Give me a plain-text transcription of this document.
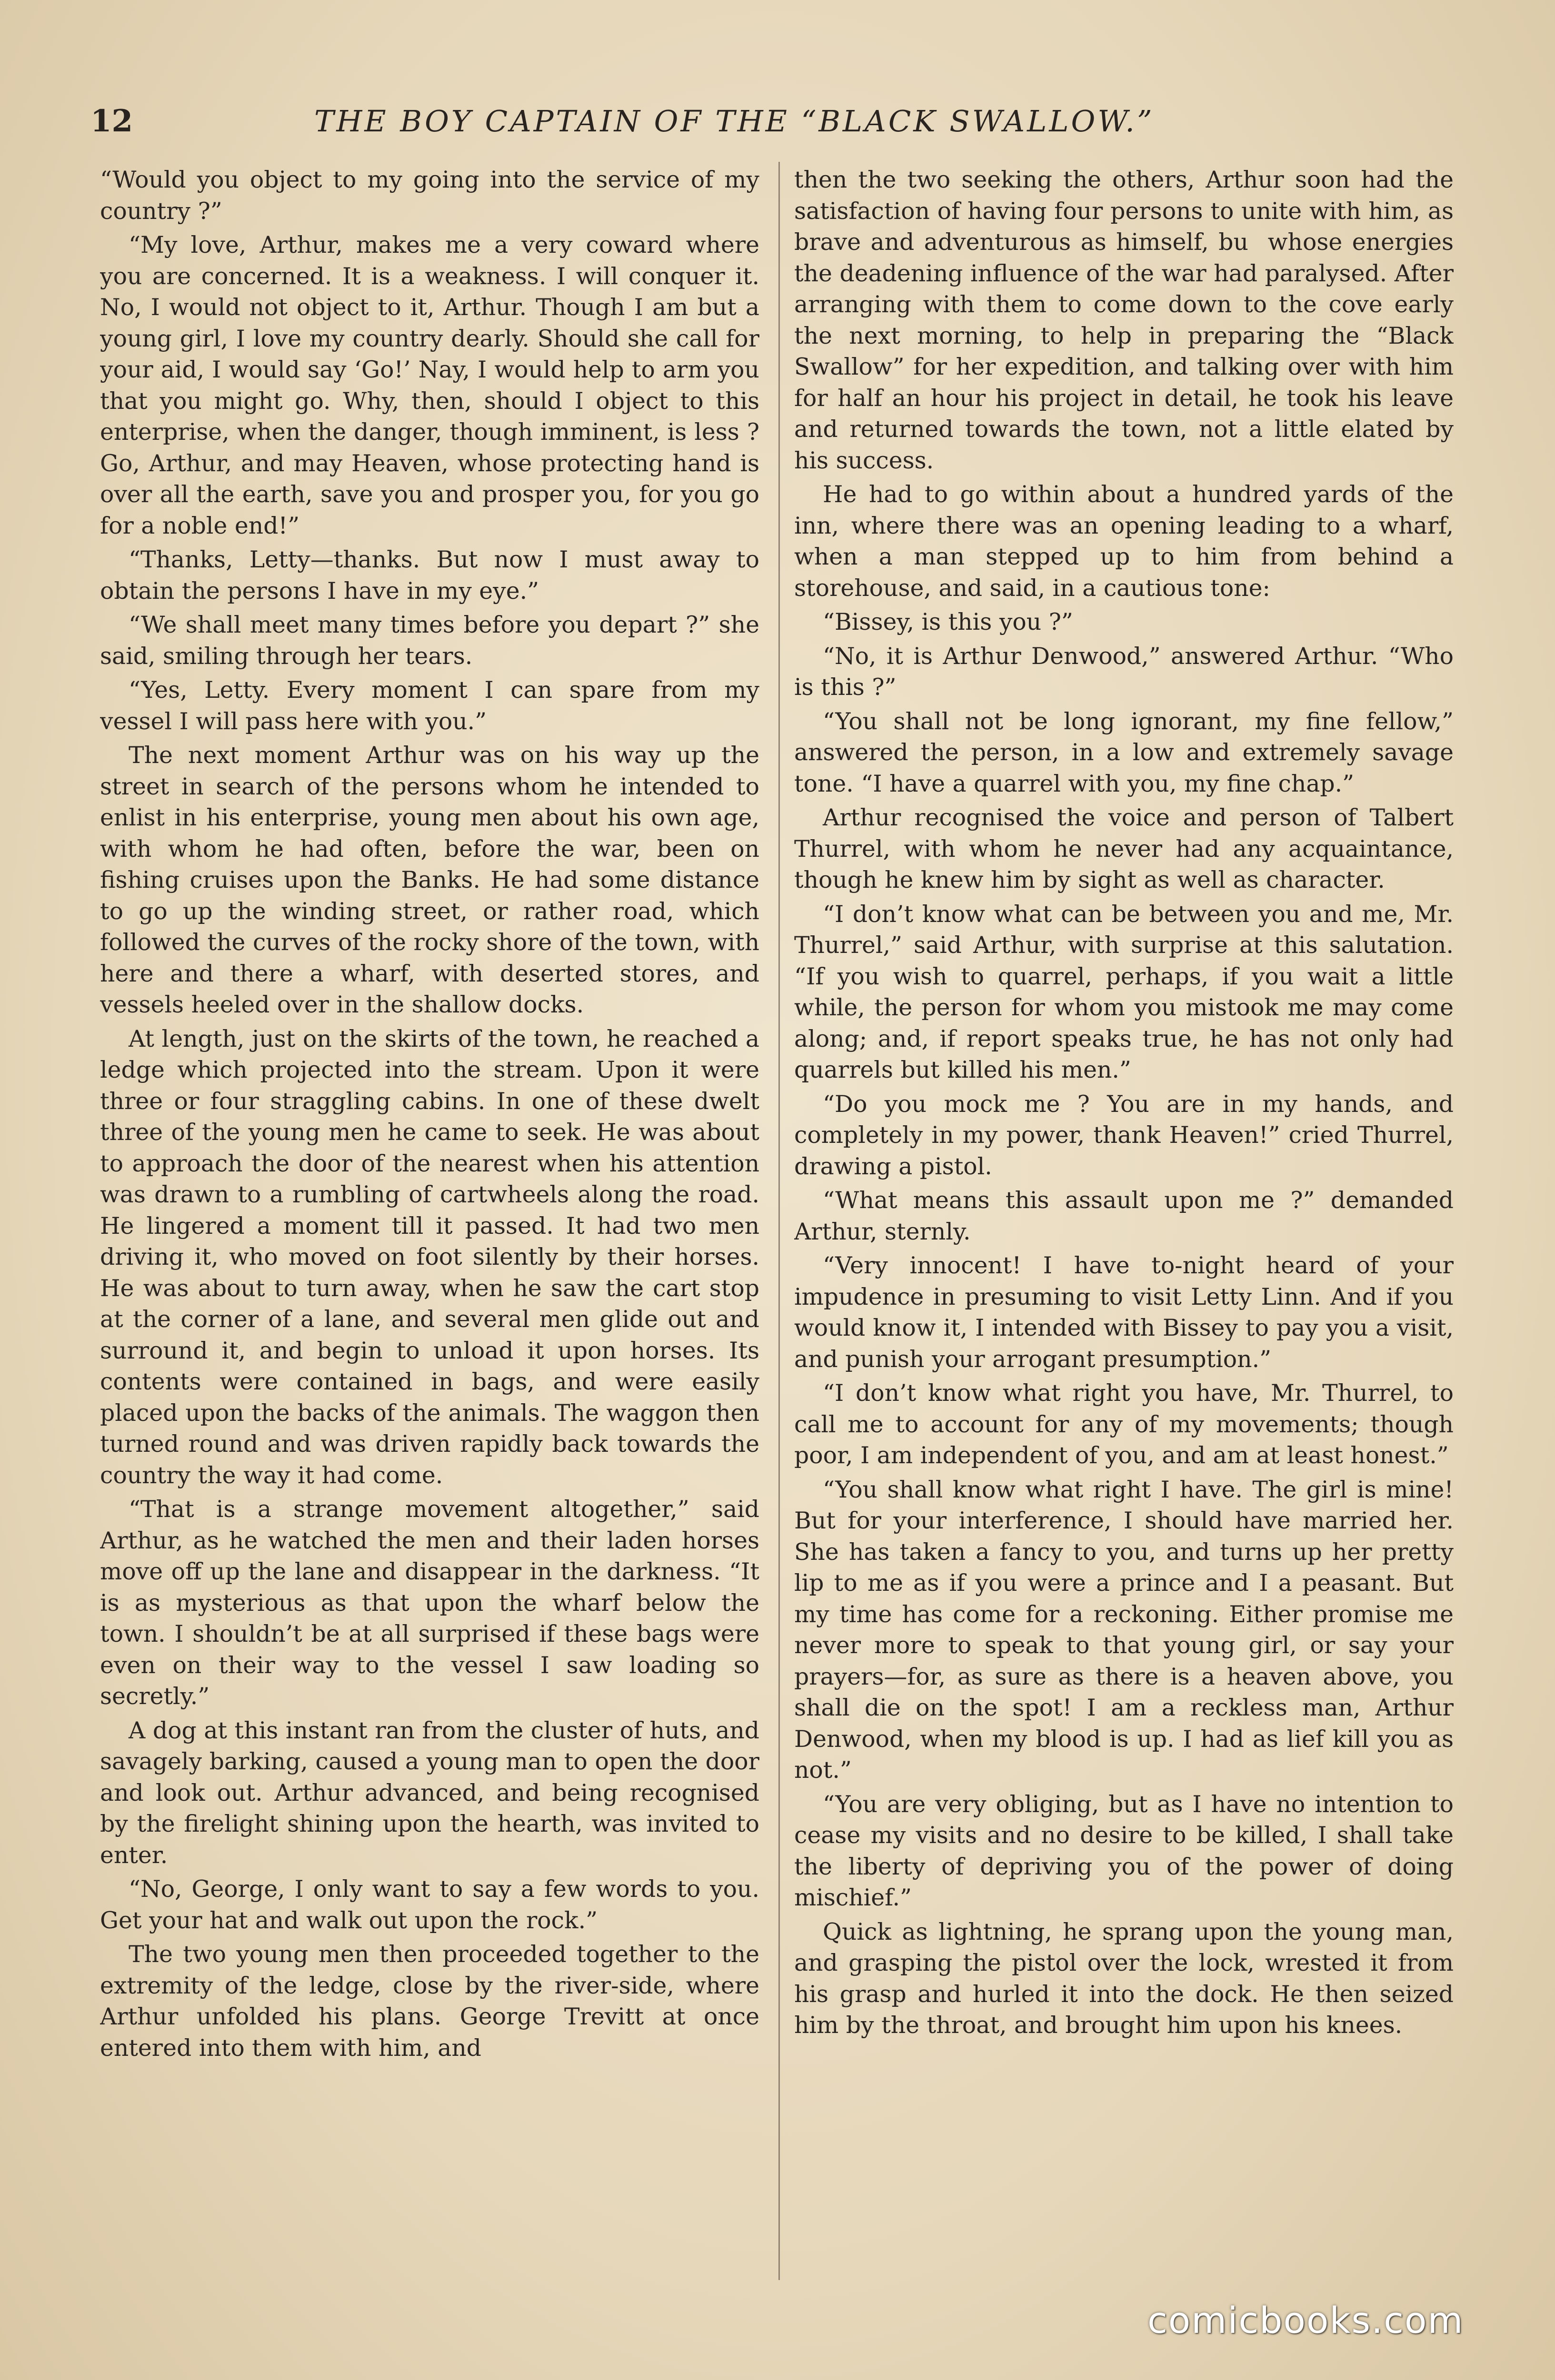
12	THE BOY CAPTAIN OF THE “BLACK SWALLOW.”

“Would you object to my going into the service of my country ?”

“My love, Arthur, makes me a very coward where you are concerned. It is a weakness. I will conquer it. No, I would not object to it, Arthur. Though I am but a young girl, I love my country dearly. Should she call for your aid, I would say ‘Go!’ Nay, I would help to arm you that you might go. Why, then, should I object to this enterprise, when the danger, though imminent, is less ? Go, Arthur, and may Heaven, whose protecting hand is over all the earth, save you and prosper you, for you go for a noble end!”

“Thanks, Letty—thanks. But now I must away to obtain the persons I have in my eye.”

“We shall meet many times before you depart ?” she said, smiling through her tears.

“Yes, Letty. Every moment I can spare from my vessel I will pass here with you.”

The next moment Arthur was on his way up the street in search of the persons whom he intended to enlist in his enterprise, young men about his own age, with whom he had often, before the war, been on fishing cruises upon the Banks. He had some distance to go up the winding street, or rather road, which followed the curves of the rocky shore of the town, with here and there a wharf, with deserted stores, and vessels heeled over in the shallow docks.

At length, just on the skirts of the town, he reached a ledge which projected into the stream. Upon it were three or four straggling cabins. In one of these dwelt three of the young men he came to seek. He was about to approach the door of the nearest when his attention was drawn to a rumbling of cartwheels along the road. He lingered a moment till it passed. It had two men driving it, who moved on foot silently by their horses. He was about to turn away, when he saw the cart stop at the corner of a lane, and several men glide out and surround it, and begin to unload it upon horses. Its contents were contained in bags, and were easily placed upon the backs of the animals. The waggon then turned round and was driven rapidly back towards the country the way it had come.

“That is a strange movement altogether,” said Arthur, as he watched the men and their laden horses move off up the lane and disappear in the darkness. “It is as mysterious as that upon the wharf below the town. I shouldn’t be at all surprised if these bags were even on their way to the vessel I saw loading so secretly.”

A dog at this instant ran from the cluster of huts, and savagely barking, caused a young man to open the door and look out. Arthur advanced, and being recognised by the firelight shining upon the hearth, was invited to enter.

“No, George, I only want to say a few words to you. Get your hat and walk out upon the rock.”

The two young men then proceeded together to the extremity of the ledge, close by the river-side, where Arthur unfolded his plans. George Trevitt at once entered into them with him, and

then the two seeking the others, Arthur soon had the satisfaction of having four persons to unite with him, as brave and adventurous as himself, bu  whose energies the deadening influence of the war had paralysed. After arranging with them to come down to the cove early the next morning, to help in preparing the “Black Swallow” for her expedition, and talking over with him for half an hour his project in detail, he took his leave and returned towards the town, not a little elated by his success.

He had to go within about a hundred yards of the inn, where there was an opening leading to a wharf, when a man stepped up to him from behind a storehouse, and said, in a cautious tone:

“Bissey, is this you ?”

“No, it is Arthur Denwood,” answered Arthur. “Who is this ?”

“You shall not be long ignorant, my fine fellow,” answered the person, in a low and extremely savage tone. “I have a quarrel with you, my fine chap.”

Arthur recognised the voice and person of Talbert Thurrel, with whom he never had any acquaintance, though he knew him by sight as well as character.

“I don’t know what can be between you and me, Mr. Thurrel,” said Arthur, with surprise at this salutation. “If you wish to quarrel, perhaps, if you wait a little while, the person for whom you mistook me may come along; and, if report speaks true, he has not only had quarrels but killed his men.”

“Do you mock me ? You are in my hands, and completely in my power, thank Heaven!” cried Thurrel, drawing a pistol.

“What means this assault upon me ?” demanded Arthur, sternly.

“Very innocent! I have to-night heard of your impudence in presuming to visit Letty Linn. And if you would know it, I intended with Bissey to pay you a visit, and punish your arrogant presumption.”

“I don’t know what right you have, Mr. Thurrel, to call me to account for any of my movements; though poor, I am independent of you, and am at least honest.”

“You shall know what right I have. The girl is mine! But for your interference, I should have married her. She has taken a fancy to you, and turns up her pretty lip to me as if you were a prince and I a peasant. But my time has come for a reckoning. Either promise me never more to speak to that young girl, or say your prayers—for, as sure as there is a heaven above, you shall die on the spot! I am a reckless man, Arthur Denwood, when my blood is up. I had as lief kill you as not.”

“You are very obliging, but as I have no intention to cease my visits and no desire to be killed, I shall take the liberty of depriving you of the power of doing mischief.”

Quick as lightning, he sprang upon the young man, and grasping the pistol over the lock, wrested it from his grasp and hurled it into the dock. He then seized him by the throat, and brought him upon his knees.

comicbooks.com
